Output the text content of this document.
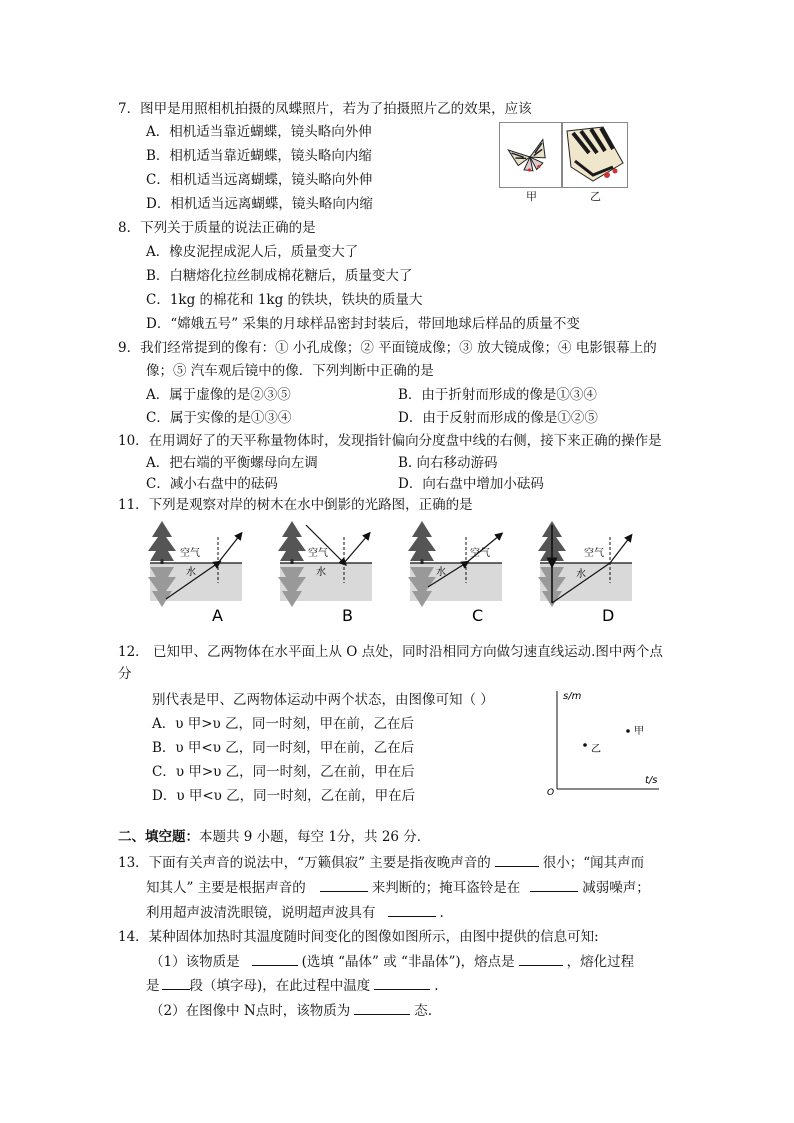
7．图甲是用照相机拍摄的凤蝶照片，若为了拍摄照片乙的效果，应该
A．相机适当靠近蝴蝶，镜头略向外伸
B．相机适当靠近蝴蝶，镜头略向内缩
C．相机适当远离蝴蝶，镜头略向外伸
D．相机适当远离蝴蝶，镜头略向内缩	甲	乙
8．下列关于质量的说法正确的是
A．橡皮泥捏成泥人后，质量变大了
B．白糖熔化拉丝制成棉花糖后，质量变大了
C．1kg 的棉花和 1kg 的铁块，铁块的质量大
D．“嫦娥五号” 采集的月球样品密封封装后，带回地球后样品的质量不变
9．我们经常提到的像有：① 小孔成像；② 平面镜成像；③ 放大镜成像；④ 电影银幕上的
像；⑤ 汽车观后镜中的像．下列判断中正确的是
A．属于虚像的是②③⑤	B．由于折射而形成的像是①③④
C．属于实像的是①③④	D．由于反射而形成的像是①②⑤
10．在用调好了的天平称量物体时，发现指针偏向分度盘中线的右侧，接下来正确的操作是
A．把右端的平衡螺母向左调	B. 向右移动游码
C．减小右盘中的砝码	D．向右盘中增加小砝码
11．下列是观察对岸的树木在水中倒影的光路图，正确的是
空气
水
A
空气
水
B
空气
水
C
空气
水
D
12． 已知甲、乙两物体在水平面上从 O 点处，同时沿相同方向做匀速直线运动.图中两个点
分
别代表是甲、乙两物体运动中两个状态，由图像可知（ ）
A．υ 甲>υ 乙，同一时刻，甲在前，乙在后
B．υ 甲<υ 乙，同一时刻，甲在前，乙在后
C．υ 甲>υ 乙，同一时刻，乙在前，甲在后
D．υ 甲<υ 乙，同一时刻，乙在前，甲在后
s/m
t/s
O
甲
乙
二、填空题：本题共 9 小题，每空 1分，共 26 分．
13．下面有关声音的说法中，“万籁俱寂” 主要是指夜晚声音的	很小；“闻其声而
知其人” 主要是根据声音的	来判断的；掩耳盗铃是在	减弱噪声；
利用超声波清洗眼镜，说明超声波具有	.
14．某种固体加热时其温度随时间变化的图像如图所示，由图中提供的信息可知:
（1）该物质是	(选填 “晶体” 或 “非晶体”)，熔点是	，熔化过程
是 段（填字母)，在此过程中温度	.
（2）在图像中 N点时，该物质为	态.
